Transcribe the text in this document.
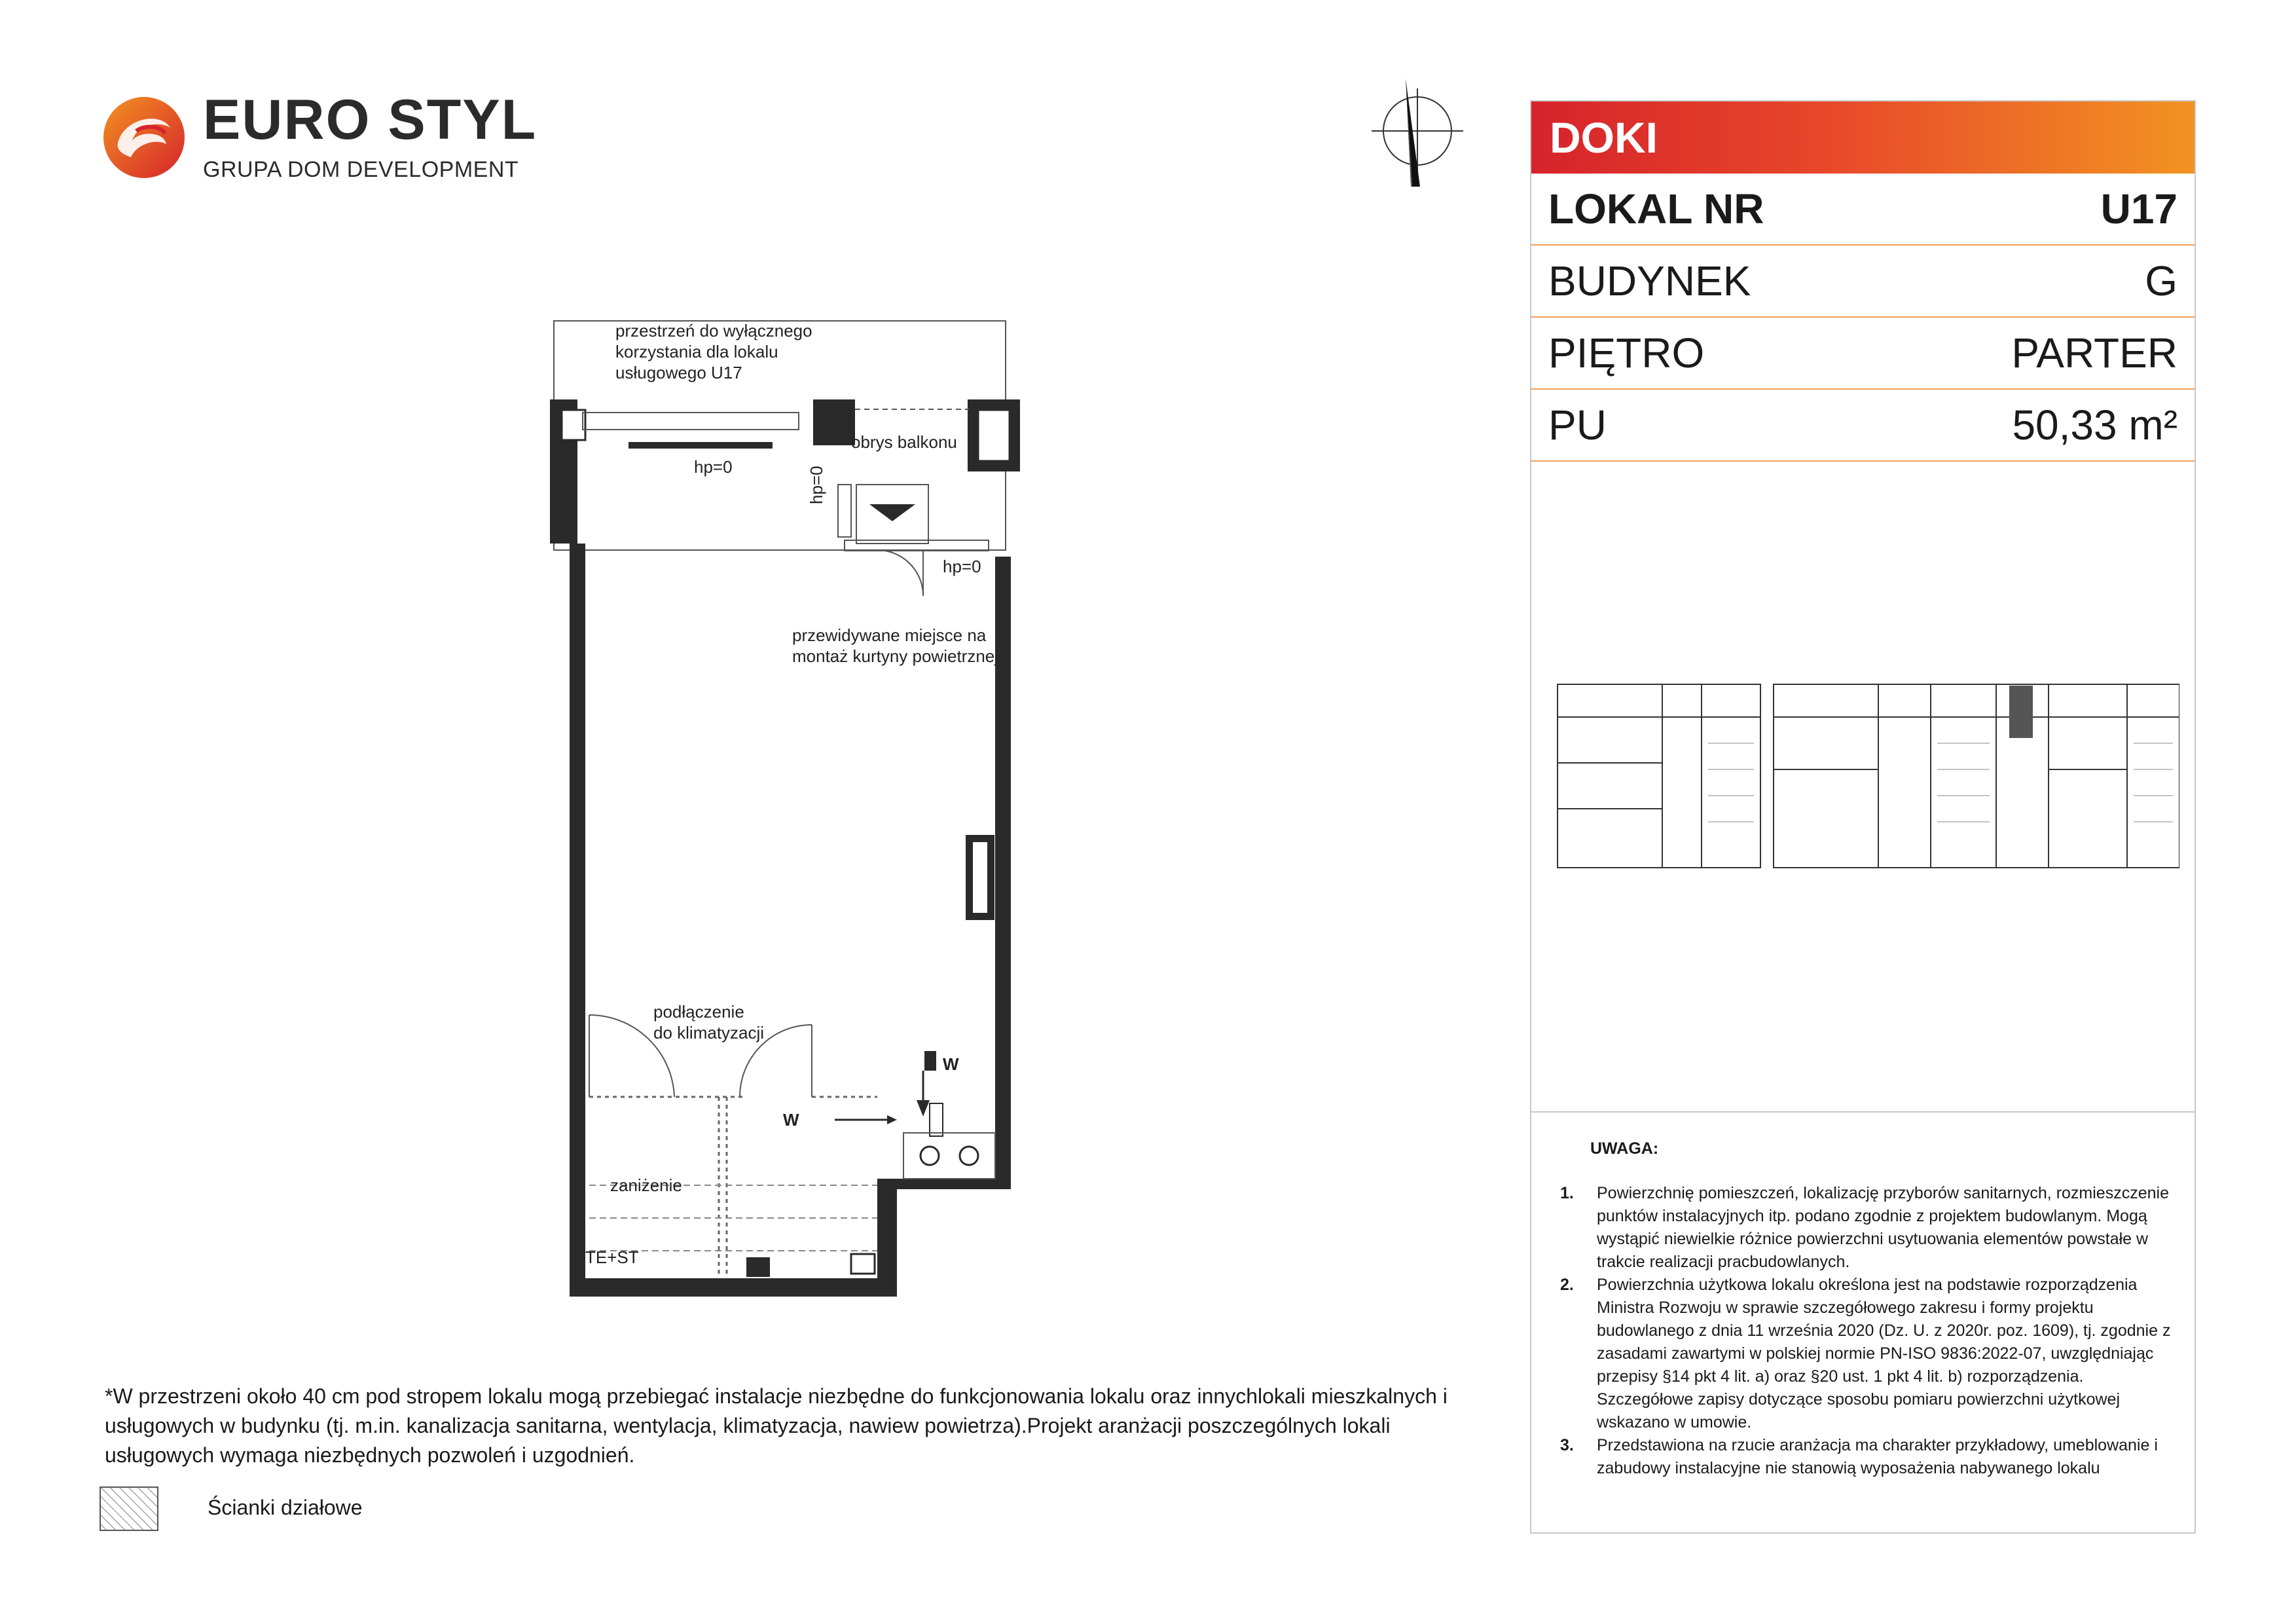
EURO STYL
GRUPA DOM DEVELOPMENT
przestrzeń do wyłącznego
korzystania dla lokalu
usługowego U17
obrys balkonu
hp=0	hp=0
hp=0
przewidywane miejsce na
montaż kurtyny powietrznej
podłączenie
do klimatyzacji
zaniżenie
TE+ST
W
W
DOKI
LOKAL NR	U17
BUDYNEK	G
PIĘTRO	PARTER
PU	50,33 m²
UWAGA:
1.	Powierzchnię pomieszczeń, lokalizację przyborów sanitarnych, rozmieszczenie punktów instalacyjnych itp. podano zgodnie z projektem budowlanym. Mogą wystąpić niewielkie różnice powierzchni usytuowania elementów powstałe w trakcie realizacji pracbudowlanych.
2.	Powierzchnia użytkowa lokalu określona jest na podstawie rozporządzenia Ministra Rozwoju w sprawie szczegółowego zakresu i formy projektu budowlanego z dnia 11 września 2020 (Dz. U. z 2020r. poz. 1609), tj. zgodnie z zasadami zawartymi w polskiej normie PN-ISO 9836:2022-07, uwzględniając przepisy §14 pkt 4 lit. a) oraz §20 ust. 1 pkt 4 lit. b) rozporządzenia. Szczegółowe zapisy dotyczące sposobu pomiaru powierzchni użytkowej wskazano w umowie.
3.	Przedstawiona na rzucie aranżacja ma charakter przykładowy, umeblowanie i zabudowy instalacyjne nie stanowią wyposażenia nabywanego lokalu
*W przestrzeni około 40 cm pod stropem lokalu mogą przebiegać instalacje niezbędne do funkcjonowania lokalu oraz innychlokali mieszkalnych i usługowych w budynku (tj. m.in. kanalizacja sanitarna, wentylacja, klimatyzacja, nawiew powietrza).Projekt aranżacji poszczególnych lokali usługowych wymaga niezbędnych pozwoleń i uzgodnień.
Ścianki działowe
